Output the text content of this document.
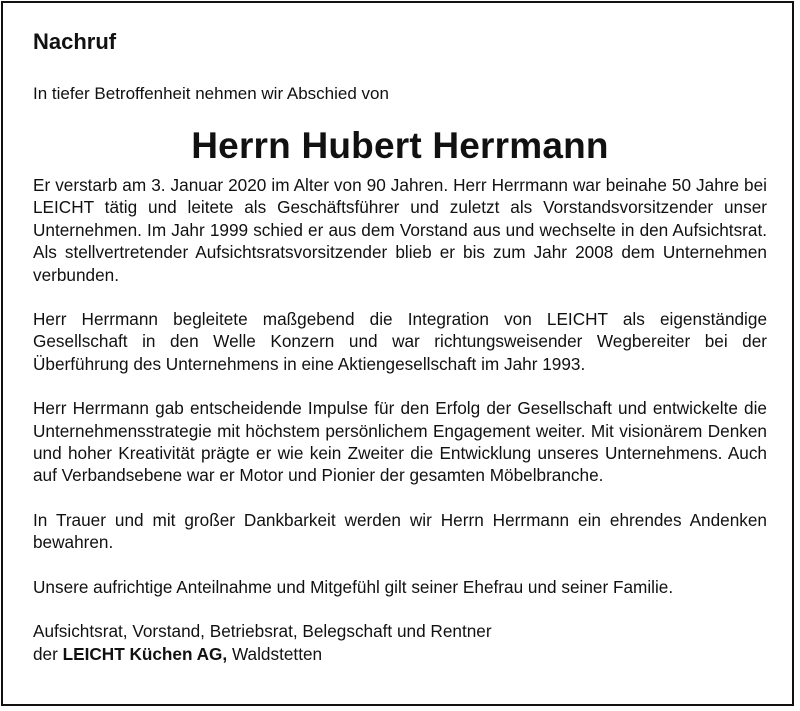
Nachruf
In tiefer Betroffenheit nehmen wir Abschied von
Herrn Hubert Herrmann

Er verstarb am 3. Januar 2020 im Alter von 90 Jahren. Herr Herrmann war beinahe 50 Jahre bei LEICHT tätig und leitete als Geschäftsführer und zuletzt als Vorstandsvorsitzender unser Unternehmen. Im Jahr 1999 schied er aus dem Vorstand aus und wechselte in den Aufsichtsrat. Als stellvertretender Aufsichtsratsvorsitzender blieb er bis zum Jahr 2008 dem Unternehmen verbunden.

Herr Herrmann begleitete maßgebend die Integration von LEICHT als eigenständige Gesellschaft in den Welle Konzern und war richtungsweisender Wegbereiter bei der Überführung des Unternehmens in eine Aktiengesellschaft im Jahr 1993.

Herr Herrmann gab entscheidende Impulse für den Erfolg der Gesellschaft und entwickelte die Unternehmensstrategie mit höchstem persönlichem Engagement weiter. Mit visionärem Denken und hoher Kreativität prägte er wie kein Zweiter die Entwicklung unseres Unternehmens. Auch auf Verbandsebene war er Motor und Pionier der gesamten Möbelbranche.

In Trauer und mit großer Dankbarkeit werden wir Herrn Herrmann ein ehrendes Andenken bewahren.

Unsere aufrichtige Anteilnahme und Mitgefühl gilt seiner Ehefrau und seiner Familie.

Aufsichtsrat, Vorstand, Betriebsrat, Belegschaft und Rentner
der LEICHT Küchen AG, Waldstetten
